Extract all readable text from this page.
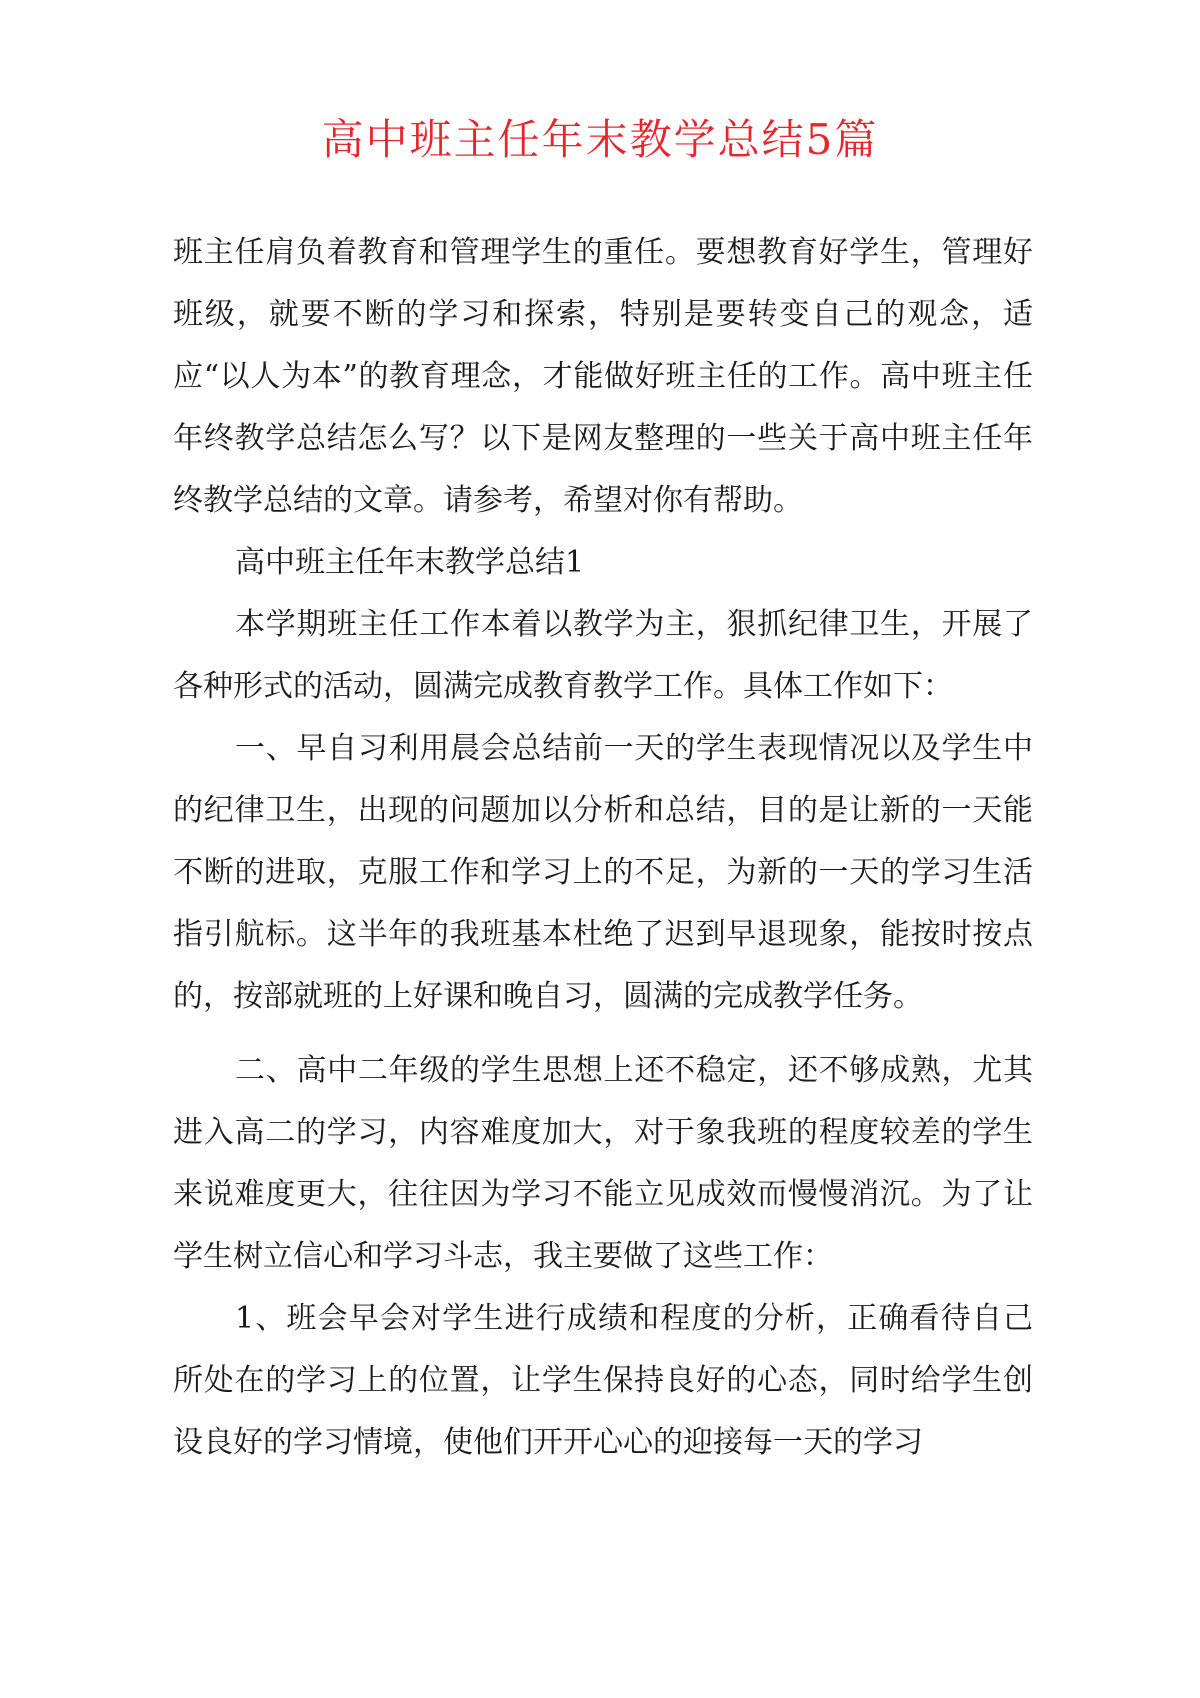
高中班主任年末教学总结5篇

班主任肩负着教育和管理学生的重任。要想教育好学生，管理好班级，就要不断的学习和探索，特别是要转变自己的观念，适应“以人为本”的教育理念，才能做好班主任的工作。高中班主任年终教学总结怎么写？以下是网友整理的一些关于高中班主任年终教学总结的文章。请参考，希望对你有帮助。

高中班主任年末教学总结1

本学期班主任工作本着以教学为主，狠抓纪律卫生，开展了各种形式的活动，圆满完成教育教学工作。具体工作如下：

一、早自习利用晨会总结前一天的学生表现情况以及学生中的纪律卫生，出现的问题加以分析和总结，目的是让新的一天能不断的进取，克服工作和学习上的不足，为新的一天的学习生活指引航标。这半年的我班基本杜绝了迟到早退现象，能按时按点的，按部就班的上好课和晚自习，圆满的完成教学任务。

二、高中二年级的学生思想上还不稳定，还不够成熟，尤其进入高二的学习，内容难度加大，对于象我班的程度较差的学生来说难度更大，往往因为学习不能立见成效而慢慢消沉。为了让学生树立信心和学习斗志，我主要做了这些工作：

1、班会早会对学生进行成绩和程度的分析，正确看待自己所处在的学习上的位置，让学生保持良好的心态，同时给学生创设良好的学习情境，使他们开开心心的迎接每一天的学习
